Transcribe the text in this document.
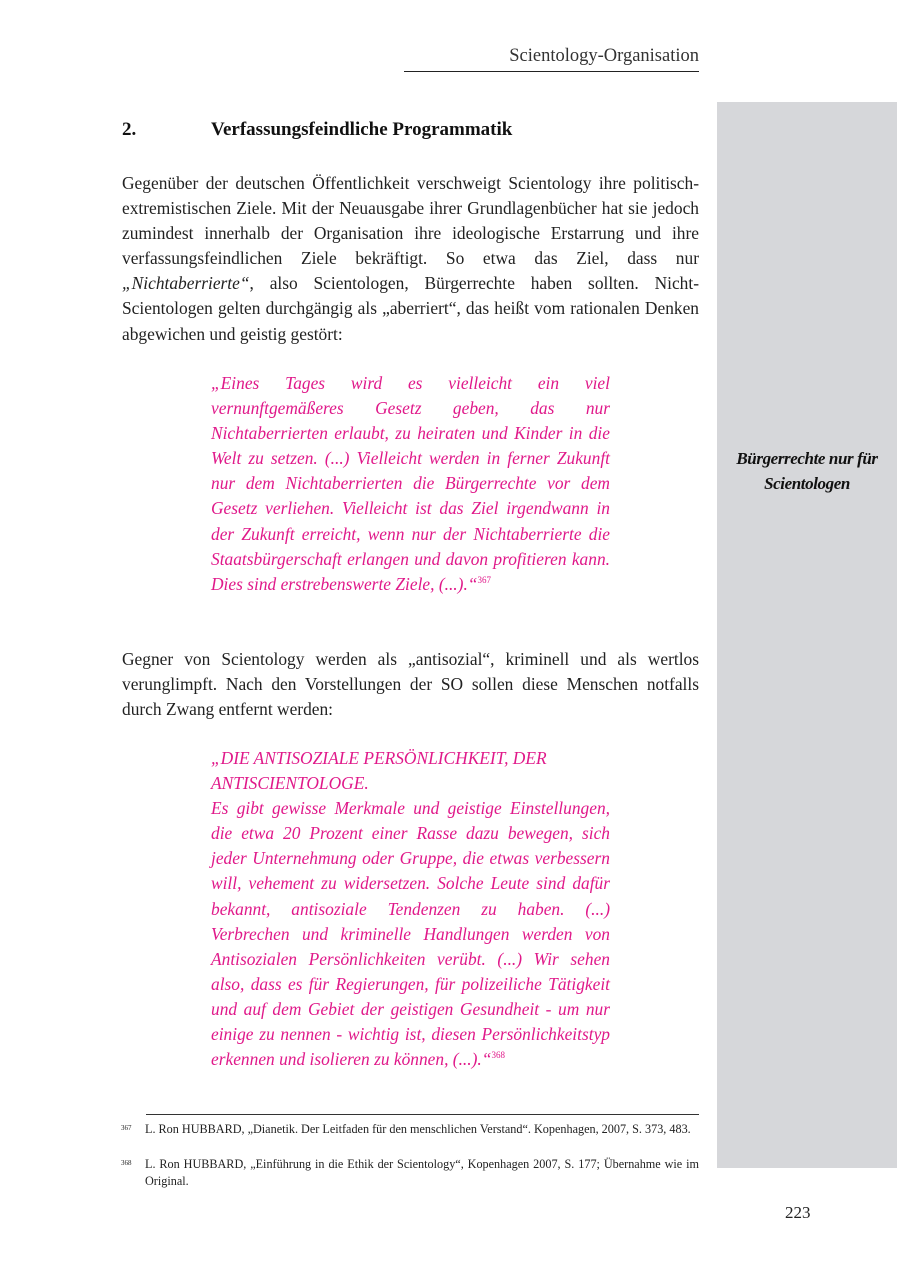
Scientology-Organisation
Bürgerrechte nur für Scientologen
2.	Verfassungsfeindliche Programmatik

Gegenüber der deutschen Öffentlichkeit verschweigt Scientology ihre politisch-extremistischen Ziele. Mit der Neuausgabe ihrer Grundlagenbücher hat sie jedoch zumindest innerhalb der Organisation ihre ideologische Erstarrung und ihre verfassungsfeindlichen Ziele bekräftigt. So etwa das Ziel, dass nur „Nichtaberrierte“, also Scientologen, Bürgerrechte haben sollten. Nicht-Scientologen gelten durchgängig als „aberriert“, das heißt vom rationalen Denken abgewichen und geistig gestört:

„Eines Tages wird es vielleicht ein viel vernunftgemäßeres Gesetz geben, das nur Nichtaberrierten erlaubt, zu heiraten und Kinder in die Welt zu setzen. (...) Vielleicht werden in ferner Zukunft nur dem Nichtaberrierten die Bürgerrechte vor dem Gesetz verliehen. Vielleicht ist das Ziel irgendwann in der Zukunft erreicht, wenn nur der Nichtaberrierte die Staatsbürgerschaft erlangen und davon profitieren kann. Dies sind erstrebenswerte Ziele, (...).“$^{367}$

Gegner von Scientology werden als „antisozial“, kriminell und als wertlos verunglimpft. Nach den Vorstellungen der SO sollen diese Menschen notfalls durch Zwang entfernt werden:

„DIE ANTISOZIALE PERSÖNLICHKEIT, DER ANTISCIENTOLOGE.
Es gibt gewisse Merkmale und geistige Einstellungen, die etwa 20 Prozent einer Rasse dazu bewegen, sich jeder Unternehmung oder Gruppe, die etwas verbessern will, vehement zu widersetzen. Solche Leute sind dafür bekannt, antisoziale Tendenzen zu haben. (...) Verbrechen und kriminelle Handlungen werden von Antisozialen Persönlichkeiten verübt. (...) Wir sehen also, dass es für Regierungen, für polizeiliche Tätigkeit und auf dem Gebiet der geistigen Gesundheit - um nur einige zu nennen - wichtig ist, diesen Persönlichkeitstyp erkennen und isolieren zu können, (...).“$^{368}$

367 L. Ron HUBBARD, „Dianetik. Der Leitfaden für den menschlichen Verstand“. Kopenhagen, 2007, S. 373, 483.

368 L. Ron HUBBARD, „Einführung in die Ethik der Scientology“, Kopenhagen 2007, S. 177; Übernahme wie im Original.

223
